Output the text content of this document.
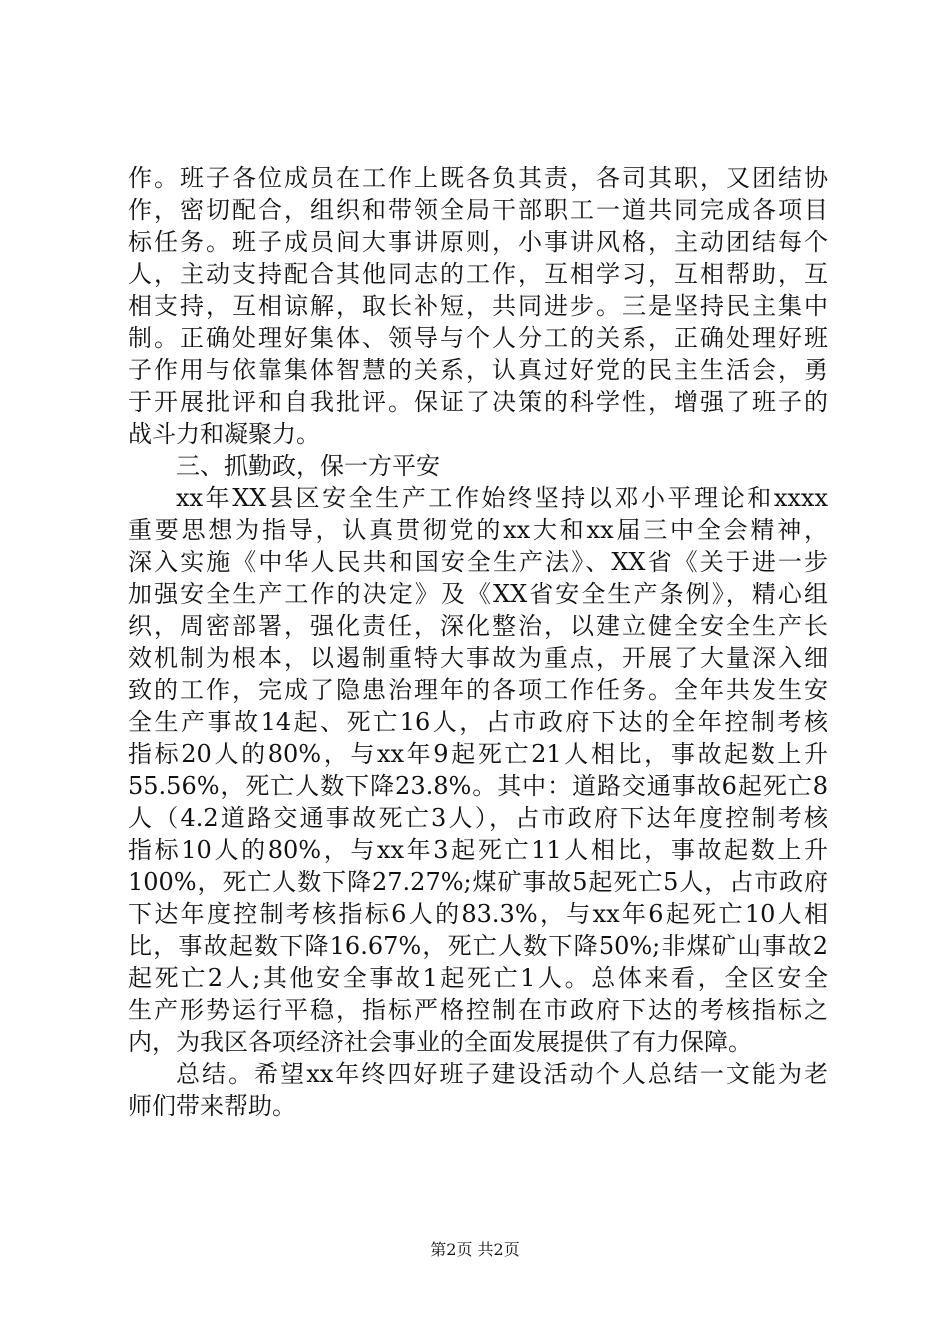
作。班子各位成员在工作上既各负其责，各司其职，又团结协
作，密切配合，组织和带领全局干部职工一道共同完成各项目
标任务。班子成员间大事讲原则，小事讲风格，主动团结每个
人，主动支持配合其他同志的工作，互相学习，互相帮助，互
相支持，互相谅解，取长补短，共同进步。三是坚持民主集中
制。正确处理好集体、领导与个人分工的关系，正确处理好班
子作用与依靠集体智慧的关系，认真过好党的民主生活会，勇
于开展批评和自我批评。保证了决策的科学性，增强了班子的
战斗力和凝聚力。
三、抓勤政，保一方平安
xx年XX县区安全生产工作始终坚持以邓小平理论和xxxx
重要思想为指导，认真贯彻党的xx大和xx届三中全会精神，
深入实施《中华人民共和国安全生产法》、XX省《关于进一步
加强安全生产工作的决定》及《XX省安全生产条例》，精心组
织，周密部署，强化责任，深化整治，以建立健全安全生产长
效机制为根本，以遏制重特大事故为重点，开展了大量深入细
致的工作，完成了隐患治理年的各项工作任务。全年共发生安
全生产事故14起、死亡16人，占市政府下达的全年控制考核
指标20人的80%，与xx年9起死亡21人相比，事故起数上升
55.56%，死亡人数下降23.8%。其中：道路交通事故6起死亡8
人（4.2道路交通事故死亡3人），占市政府下达年度控制考核
指标10人的80%，与xx年3起死亡11人相比，事故起数上升
100%，死亡人数下降27.27%;煤矿事故5起死亡5人，占市政府
下达年度控制考核指标6人的83.3%，与xx年6起死亡10人相
比，事故起数下降16.67%，死亡人数下降50%;非煤矿山事故2
起死亡2人;其他安全事故1起死亡1人。总体来看，全区安全
生产形势运行平稳，指标严格控制在市政府下达的考核指标之
内，为我区各项经济社会事业的全面发展提供了有力保障。
总结。希望xx年终四好班子建设活动个人总结一文能为老
师们带来帮助。
第2页 共2页
